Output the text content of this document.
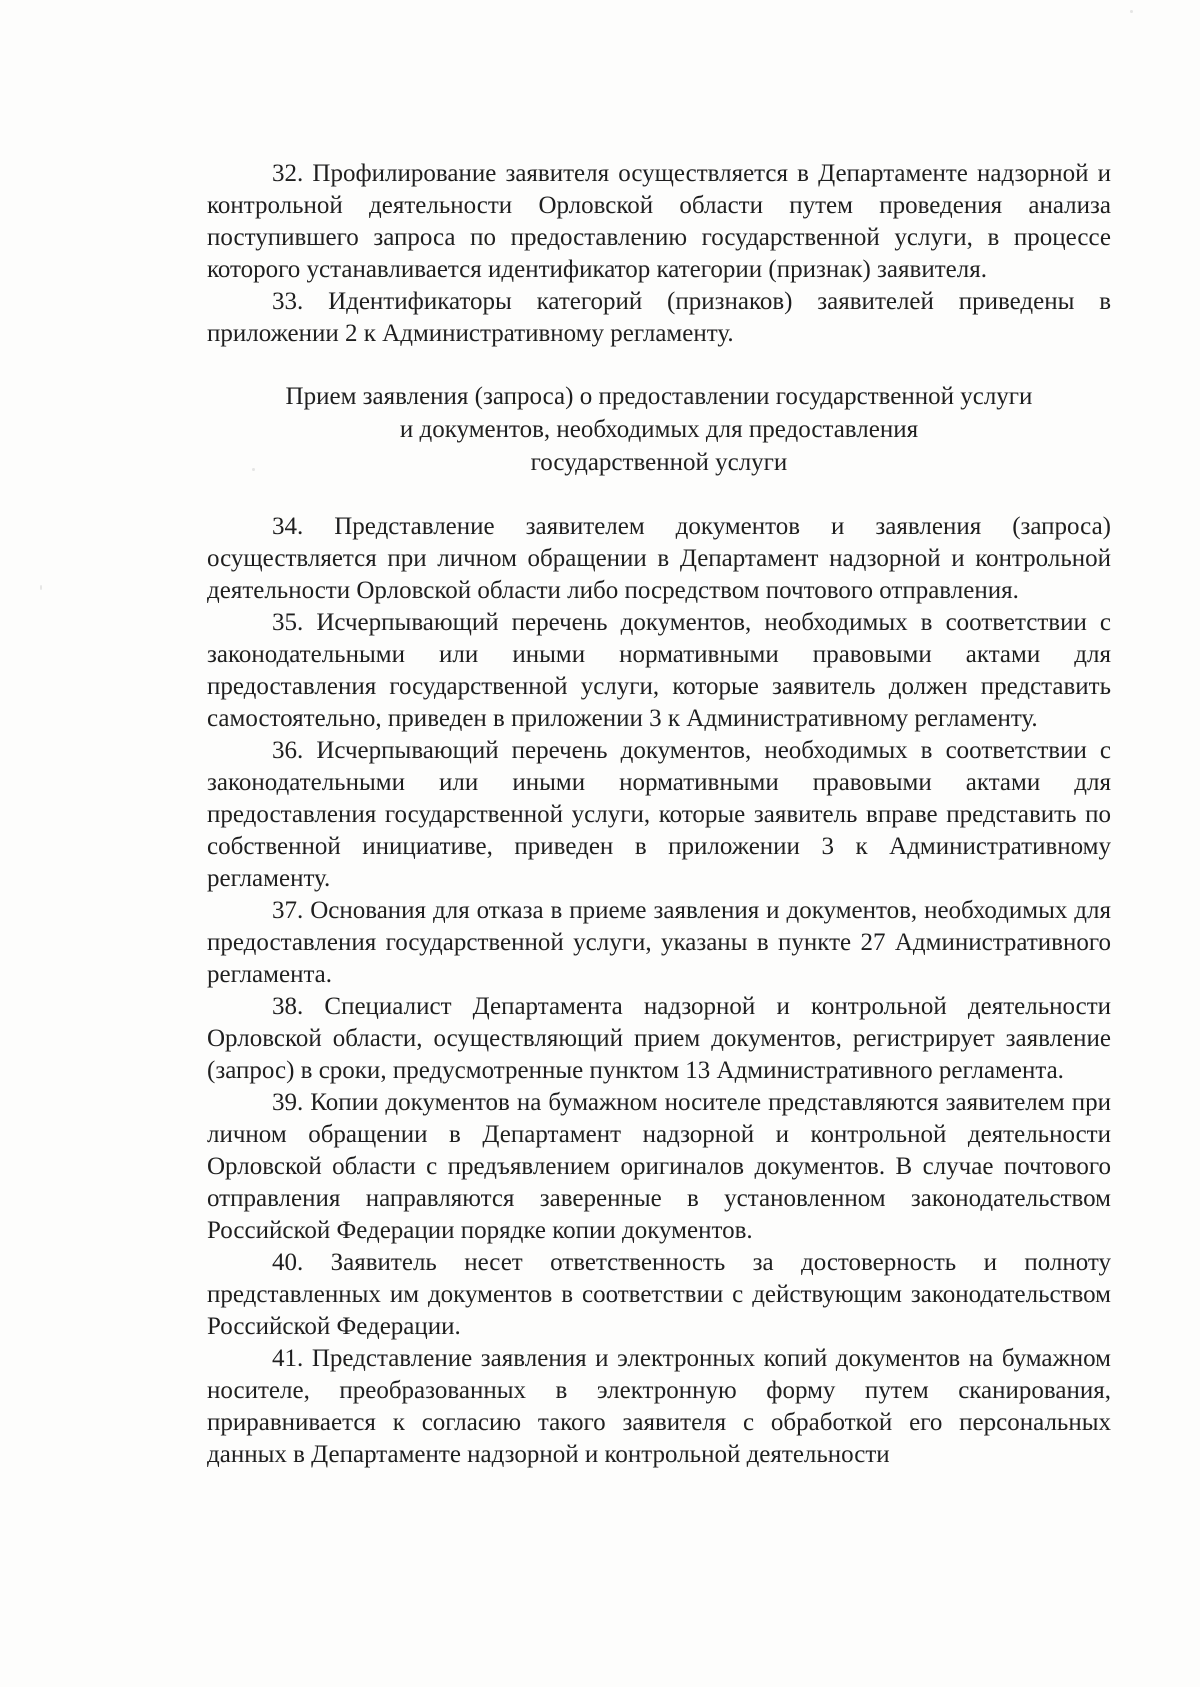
32. Профилирование заявителя осуществляется в Департаменте надзорной и контрольной деятельности Орловской области путем проведения анализа поступившего запроса по предоставлению государственной услуги, в процессе которого устанавливается идентификатор категории (признак) заявителя.

33. Идентификаторы категорий (признаков) заявителей приведены в приложении 2 к Административному регламенту.

Прием заявления (запроса) о предоставлении государственной услуги
и документов, необходимых для предоставления
государственной услуги

34. Представление заявителем документов и заявления (запроса) осуществляется при личном обращении в Департамент надзорной и контрольной деятельности Орловской области либо посредством почтового отправления.

35. Исчерпывающий перечень документов, необходимых в соответствии с законодательными или иными нормативными правовыми актами для предоставления государственной услуги, которые заявитель должен представить самостоятельно, приведен в приложении 3 к Административному регламенту.

36. Исчерпывающий перечень документов, необходимых в соответствии с законодательными или иными нормативными правовыми актами для предоставления государственной услуги, которые заявитель вправе представить по собственной инициативе, приведен в приложении 3 к Административному регламенту.

37. Основания для отказа в приеме заявления и документов, необходимых для предоставления государственной услуги, указаны в пункте 27 Административного регламента.

38. Специалист Департамента надзорной и контрольной деятельности Орловской области, осуществляющий прием документов, регистрирует заявление (запрос) в сроки, предусмотренные пунктом 13 Административного регламента.

39. Копии документов на бумажном носителе представляются заявителем при личном обращении в Департамент надзорной и контрольной деятельности Орловской области с предъявлением оригиналов документов. В случае почтового отправления направляются заверенные в установленном законодательством Российской Федерации порядке копии документов.

40. Заявитель несет ответственность за достоверность и полноту представленных им документов в соответствии с действующим законодательством Российской Федерации.

41. Представление заявления и электронных копий документов на бумажном носителе, преобразованных в электронную форму путем сканирования, приравнивается к согласию такого заявителя с обработкой его персональных данных в Департаменте надзорной и контрольной деятельности
